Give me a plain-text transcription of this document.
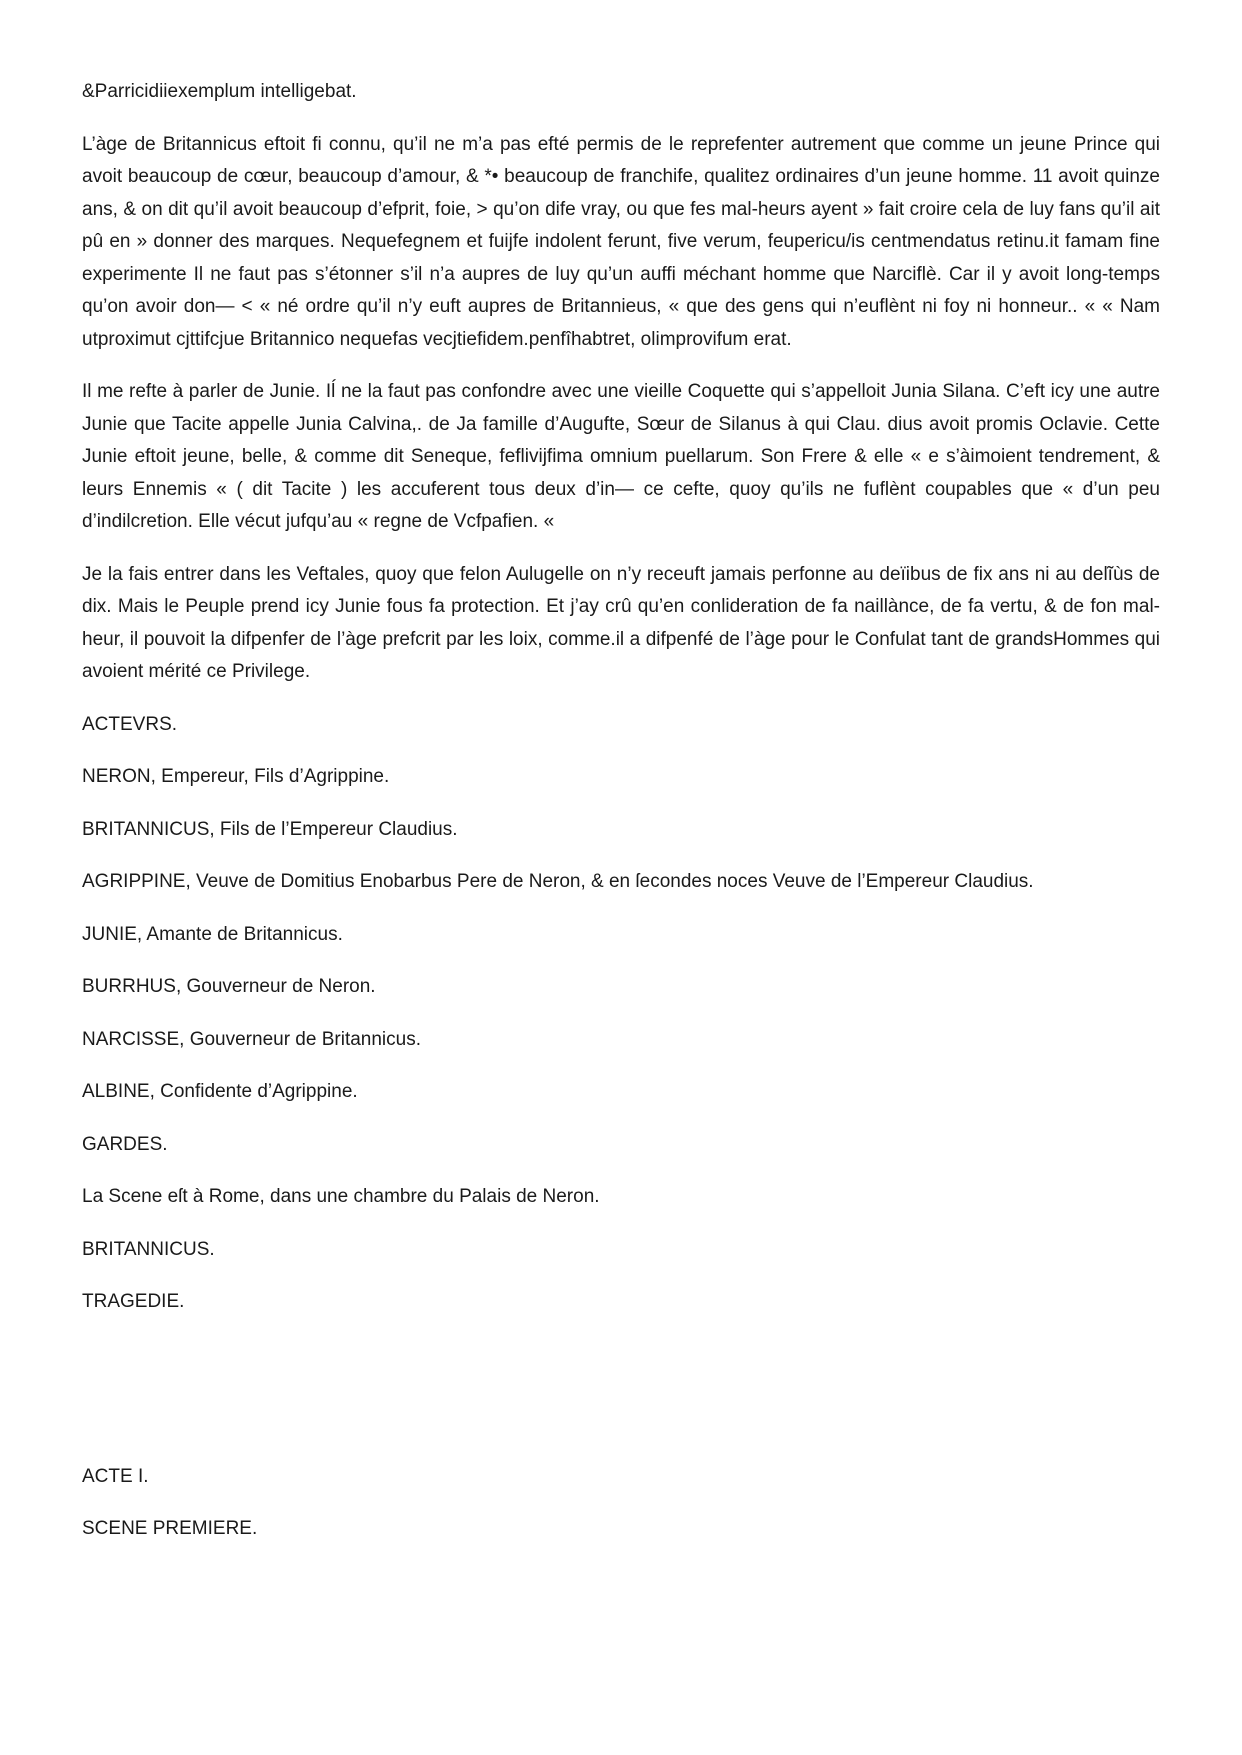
&Parricidiiexemplum intelligebat.

L’àge de Britannicus eftoit fi connu, qu’il ne m’a pas efté permis de le reprefenter autrement que comme un jeune Prince qui avoit beaucoup de cœur, beaucoup d’amour, & *• beaucoup de franchife, qualitez ordinaires d’un jeune homme. 11 avoit quinze ans, & on dit qu’il avoit beaucoup d’efprit, foie, > qu’on dife vray, ou que fes mal-heurs ayent » fait croire cela de luy fans qu’il ait pû en » donner des marques. Nequefegnem et fuijfe indolent ferunt, five verum, feupericu/is centmendatus retinu.it famam fine experimente Il ne faut pas s’étonner s’il n’a aupres de luy qu’un auffi méchant homme que Narciflè. Car il y avoit long-temps qu’on avoir don— < « né ordre qu’il n’y euft aupres de Britannieus, « que des gens qui n’euflènt ni foy ni honneur.. « « Nam utproximut cjttifcjue Britannico nequefas vecjtiefidem.penfîhabtret, olimprovifum erat.

Il me refte à parler de Junie. Iĺ ne la faut pas confondre avec une vieille Coquette qui s’appelloit Junia Silana. C’eft icy une autre Junie que Tacite appelle Junia Calvina,. de Ja famille d’Augufte, Sœur de Silanus à qui Clau. dius avoit promis Oclavie. Cette Junie eftoit jeune, belle, & comme dit Seneque, feflivijfima omnium puellarum. Son Frere & elle « e s’àimoient tendrement, & leurs Ennemis « ( dit Tacite ) les accuferent tous deux d’in— ce cefte, quoy qu’ils ne fuflènt coupables que « d’un peu d’indilcretion. Elle vécut jufqu’au « regne de Vcfpafien. «

Je la fais entrer dans les Veftales, quoy que felon Aulugelle on n’y receuft jamais perfonne au deïibus de fix ans ni au delĩùs de dix. Mais le Peuple prend icy Junie fous fa protection. Et j’ay crû qu’en conlideration de fa naillànce, de fa vertu, & de fon mal-heur, il pouvoit la difpenfer de l’àge prefcrit par les loix, comme.il a difpenfé de l’àge pour le Confulat tant de grandsHommes qui avoient mérité ce Privilege.

ACTEVRS.

NERON, Empereur, Fils d’Agrippine.

BRITANNICUS, Fils de l’Empereur Claudius.

AGRIPPINE, Veuve de Domitius Enobarbus Pere de Neron, & en ſecondes noces Veuve de l’Empereur Claudius.

JUNIE, Amante de Britannicus.

BURRHUS, Gouverneur de Neron.

NARCISSE, Gouverneur de Britannicus.

ALBINE, Confidente d’Agrippine.

GARDES.

La Scene eſt à Rome, dans une chambre du Palais de Neron.

BRITANNICUS.

TRAGEDIE.

ACTE I.

SCENE PREMIERE.
